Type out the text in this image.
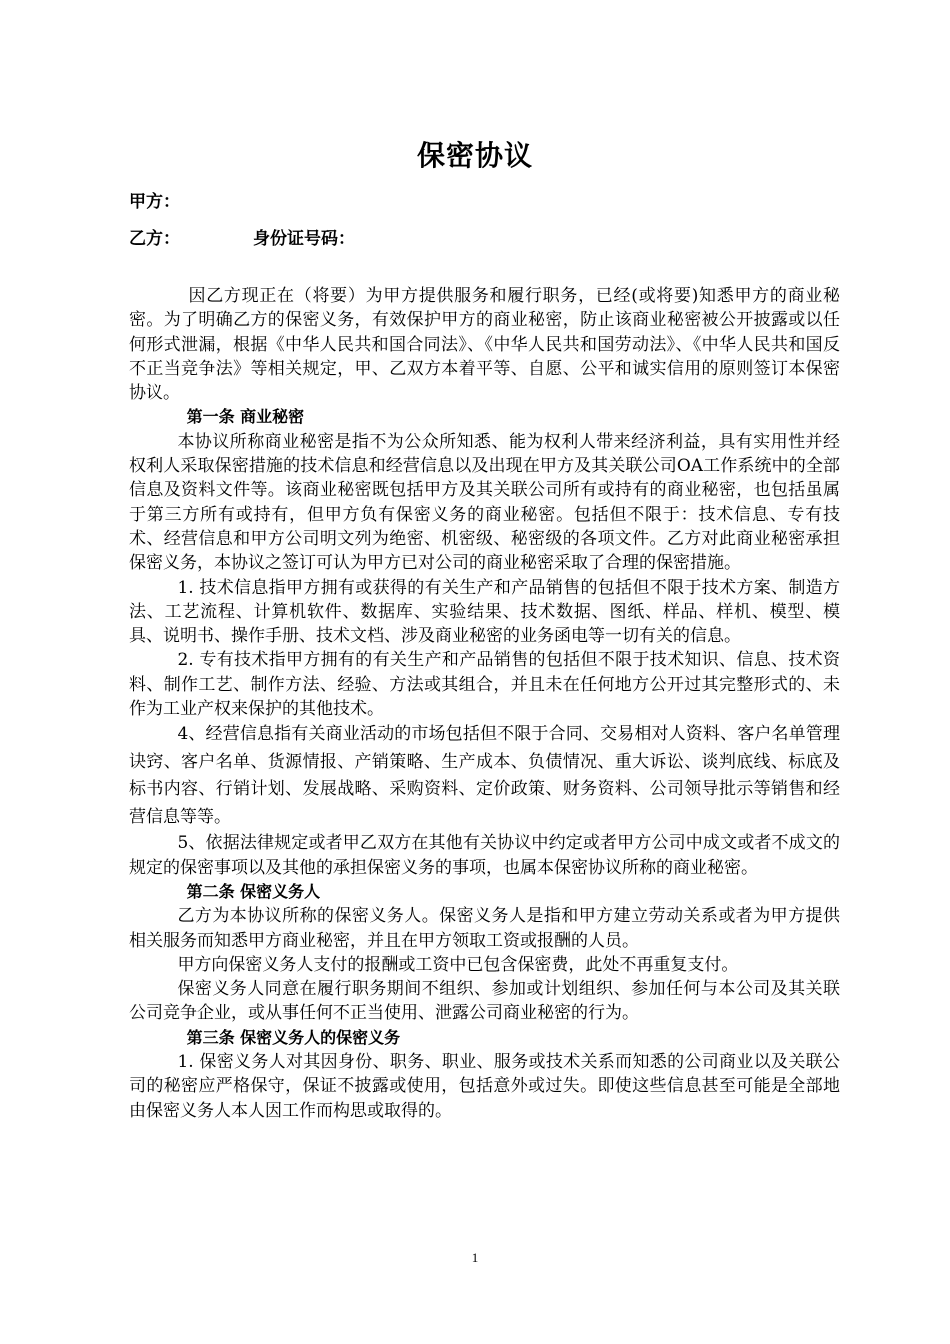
保密协议
甲方：
乙方：	身份证号码：

因乙方现正在（将要）为甲方提供服务和履行职务，已经(或将要)知悉甲方的商业秘密。为了明确乙方的保密义务，有效保护甲方的商业秘密，防止该商业秘密被公开披露或以任何形式泄漏，根据《中华人民共和国合同法》、《中华人民共和国劳动法》、《中华人民共和国反不正当竞争法》等相关规定，甲、乙双方本着平等、自愿、公平和诚实信用的原则签订本保密协议。

第一条 商业秘密

本协议所称商业秘密是指不为公众所知悉、能为权利人带来经济利益，具有实用性并经权利人采取保密措施的技术信息和经营信息以及出现在甲方及其关联公司OA工作系统中的全部信息及资料文件等。该商业秘密既包括甲方及其关联公司所有或持有的商业秘密，也包括虽属于第三方所有或持有，但甲方负有保密义务的商业秘密。包括但不限于：技术信息、专有技术、经营信息和甲方公司明文列为绝密、机密级、秘密级的各项文件。乙方对此商业秘密承担保密义务，本协议之签订可认为甲方已对公司的商业秘密采取了合理的保密措施。

1. 技术信息指甲方拥有或获得的有关生产和产品销售的包括但不限于技术方案、制造方法、工艺流程、计算机软件、数据库、实验结果、技术数据、图纸、样品、样机、模型、模具、说明书、操作手册、技术文档、涉及商业秘密的业务函电等一切有关的信息。

2. 专有技术指甲方拥有的有关生产和产品销售的包括但不限于技术知识、信息、技术资料、制作工艺、制作方法、经验、方法或其组合，并且未在任何地方公开过其完整形式的、未作为工业产权来保护的其他技术。

4、经营信息指有关商业活动的市场包括但不限于合同、交易相对人资料、客户名单管理诀窍、客户名单、货源情报、产销策略、生产成本、负债情况、重大诉讼、谈判底线、标底及标书内容、行销计划、发展战略、采购资料、定价政策、财务资料、公司领导批示等销售和经营信息等等。

5、依据法律规定或者甲乙双方在其他有关协议中约定或者甲方公司中成文或者不成文的规定的保密事项以及其他的承担保密义务的事项，也属本保密协议所称的商业秘密。

第二条 保密义务人

乙方为本协议所称的保密义务人。保密义务人是指和甲方建立劳动关系或者为甲方提供相关服务而知悉甲方商业秘密，并且在甲方领取工资或报酬的人员。

甲方向保密义务人支付的报酬或工资中已包含保密费，此处不再重复支付。

保密义务人同意在履行职务期间不组织、参加或计划组织、参加任何与本公司及其关联公司竞争企业，或从事任何不正当使用、泄露公司商业秘密的行为。

第三条 保密义务人的保密义务

1. 保密义务人对其因身份、职务、职业、服务或技术关系而知悉的公司商业以及关联公司的秘密应严格保守，保证不披露或使用，包括意外或过失。即使这些信息甚至可能是全部地由保密义务人本人因工作而构思或取得的。

1
